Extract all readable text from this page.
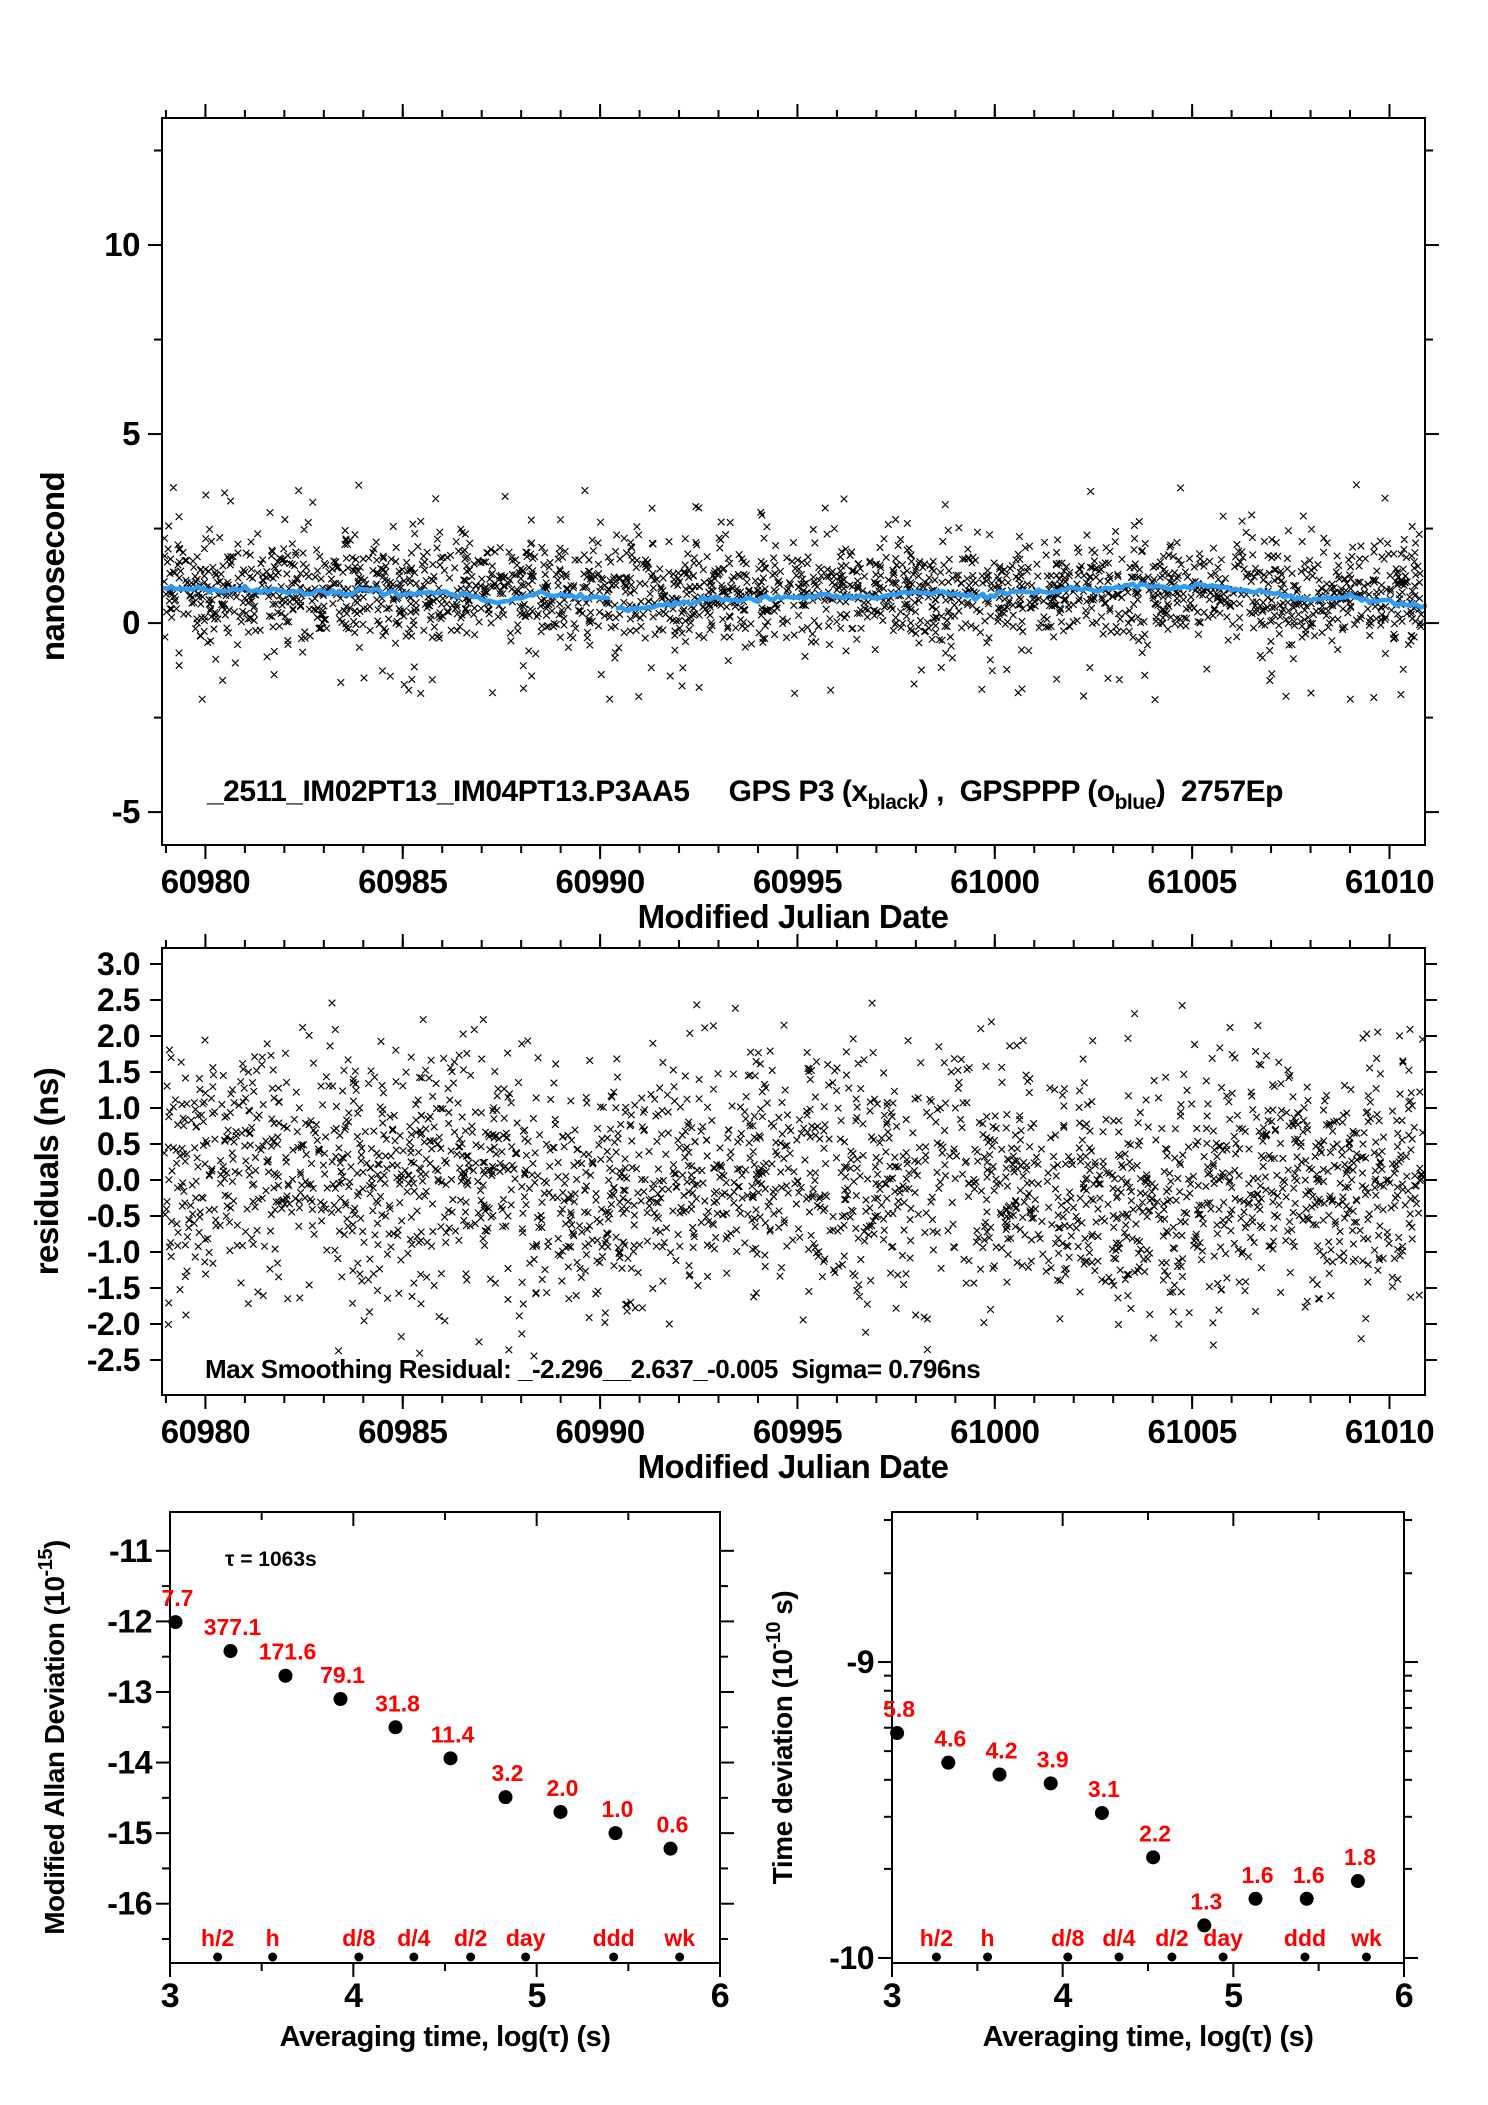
10
5
0
-5
60980	60985	60990	60995	61000	61005	61010
Modified Julian Date
nanosecond
_2511_IM02PT13_IM04PT13.P3AA5     GPS P3 $(x_{black})$ ,  GPSPPP $(o_{blue})$  2757Ep
3.0
2.5
2.0
1.5
1.0
0.5
0.0
-0.5
-1.0
-1.5
-2.0
-2.5
60980	60985	60990	60995	61000	61005	61010
Modified Julian Date
residuals (ns)
Max Smoothing Residual: _-2.296__2.637_-0.005  Sigma= 0.796ns
-11
-12
-13
-14
-15
-16
3	4	5	6
Averaging time, log(τ) (s)
Modified Allan Deviation $(10^{-15})$
τ = 1063s
7.7
377.1
171.6
79.1
31.8
11.4
3.2
2.0
1.0
0.6
h/2 h	d/8 d/4 d/2 day ddd wk
-9
-10
3	4	5	6
Averaging time, log(τ) (s)
Time deviation ($10^{-10}$ s)
5.8
4.6 4.2 3.9
3.1
2.2
1.3
1.6 1.6
1.8
h/2 h d/8 d/4 d/2 day ddd wk
